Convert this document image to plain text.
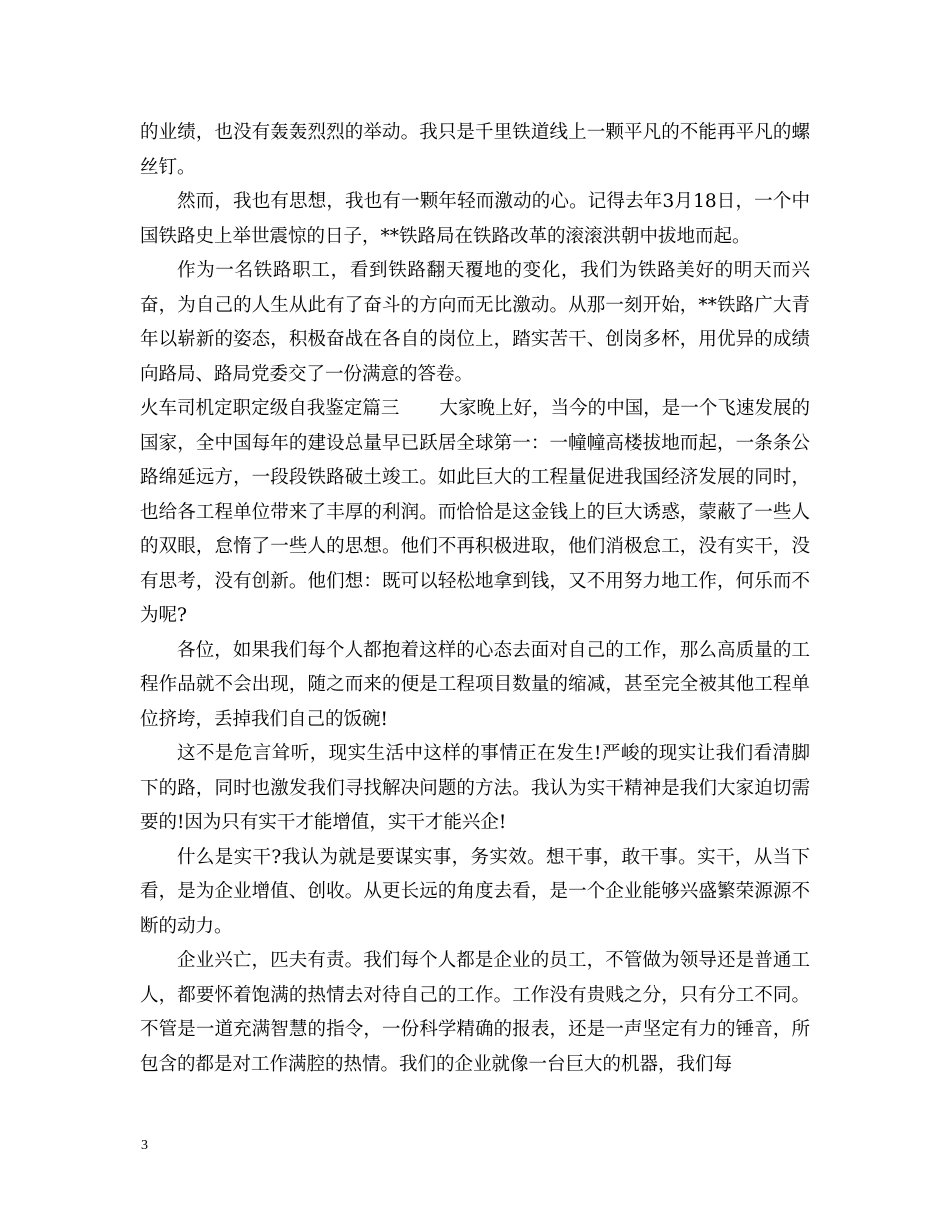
的业绩，也没有轰轰烈烈的举动。我只是千里铁道线上一颗平凡的不能再平凡的螺丝钉。

然而，我也有思想，我也有一颗年轻而激动的心。记得去年3月18日，一个中国铁路史上举世震惊的日子，**铁路局在铁路改革的滚滚洪朝中拔地而起。

作为一名铁路职工，看到铁路翻天覆地的变化，我们为铁路美好的明天而兴奋，为自己的人生从此有了奋斗的方向而无比激动。从那一刻开始，**铁路广大青年以崭新的姿态，积极奋战在各自的岗位上，踏实苦干、创岗多杯，用优异的成绩向路局、路局党委交了一份满意的答卷。

火车司机定职定级自我鉴定篇三 大家晚上好，当今的中国，是一个飞速发展的国家，全中国每年的建设总量早已跃居全球第一：一幢幢高楼拔地而起，一条条公路绵延远方，一段段铁路破土竣工。如此巨大的工程量促进我国经济发展的同时，也给各工程单位带来了丰厚的利润。而恰恰是这金钱上的巨大诱惑，蒙蔽了一些人的双眼，怠惰了一些人的思想。他们不再积极进取，他们消极怠工，没有实干，没有思考，没有创新。他们想：既可以轻松地拿到钱，又不用努力地工作，何乐而不为呢?

各位，如果我们每个人都抱着这样的心态去面对自己的工作，那么高质量的工程作品就不会出现，随之而来的便是工程项目数量的缩减，甚至完全被其他工程单位挤垮，丢掉我们自己的饭碗!

这不是危言耸听，现实生活中这样的事情正在发生!严峻的现实让我们看清脚下的路，同时也激发我们寻找解决问题的方法。我认为实干精神是我们大家迫切需要的!因为只有实干才能增值，实干才能兴企!

什么是实干?我认为就是要谋实事，务实效。想干事，敢干事。实干，从当下看，是为企业增值、创收。从更长远的角度去看，是一个企业能够兴盛繁荣源源不断的动力。

企业兴亡，匹夫有责。我们每个人都是企业的员工，不管做为领导还是普通工人，都要怀着饱满的热情去对待自己的工作。工作没有贵贱之分，只有分工不同。不管是一道充满智慧的指令，一份科学精确的报表，还是一声坚定有力的锤音，所包含的都是对工作满腔的热情。我们的企业就像一台巨大的机器，我们每

3
